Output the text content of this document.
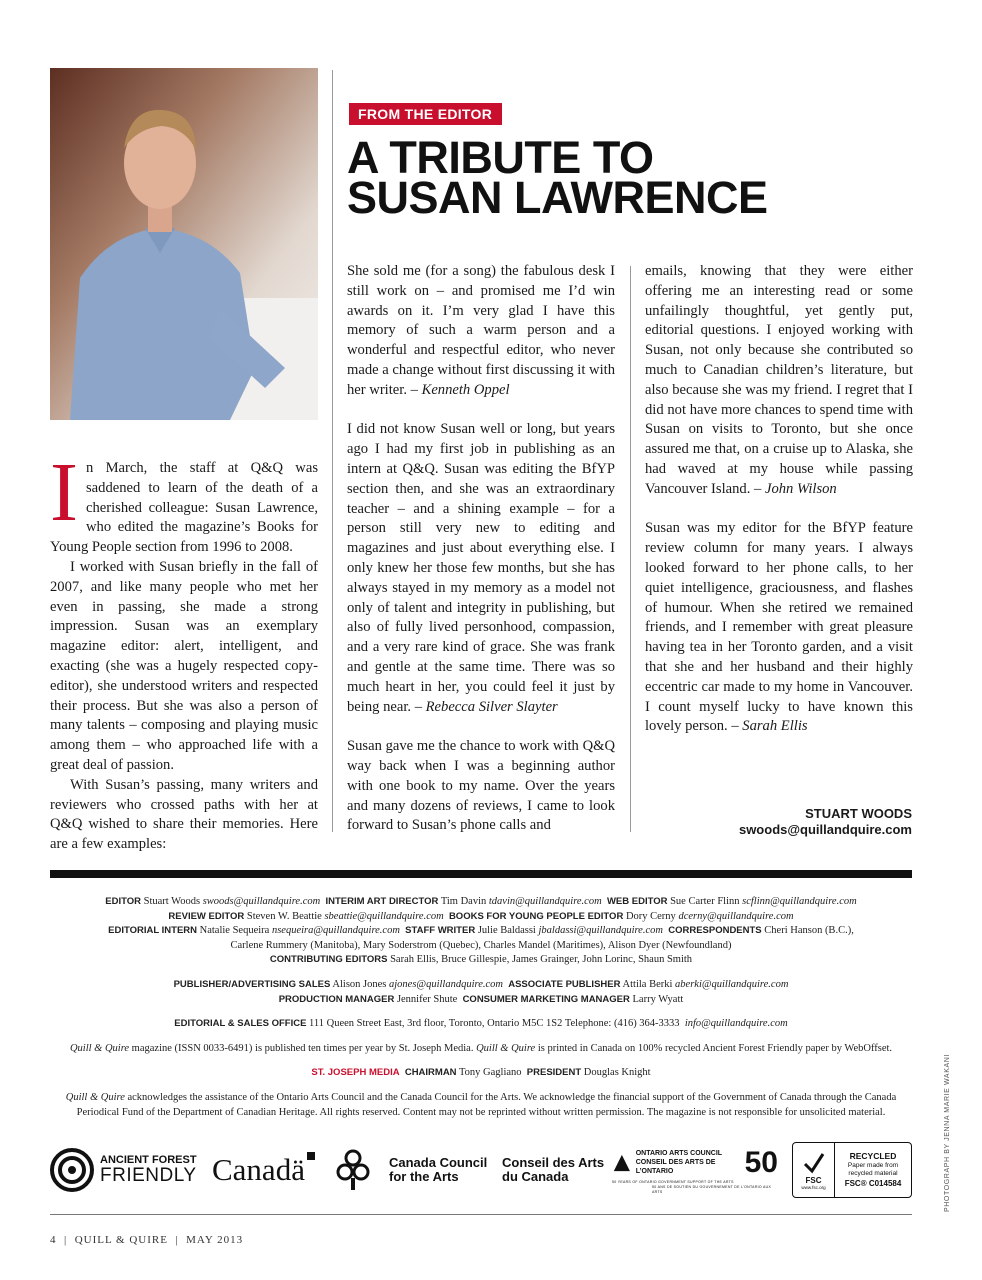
FROM THE EDITOR
A TRIBUTE TO
SUSAN LAWRENCE

In March, the staff at Q&Q was saddened to learn of the death of a cherished colleague: Susan Lawrence, who edited the magazine’s Books for Young People section from 1996 to 2008.

I worked with Susan briefly in the fall of 2007, and like many people who met her even in passing, she made a strong impression. Susan was an exemplary magazine editor: alert, intelligent, and exacting (she was a hugely respected copy-editor), she understood writers and respected their process. But she was also a person of many talents – composing and playing music among them – who approached life with a great deal of passion.

With Susan’s passing, many writers and reviewers who crossed paths with her at Q&Q wished to share their memories. Here are a few examples:

She sold me (for a song) the fabulous desk I still work on – and promised me I’d win awards on it. I’m very glad I have this memory of such a warm person and a wonderful and respectful editor, who never made a change without first discussing it with her writer. – Kenneth Oppel

I did not know Susan well or long, but years ago I had my first job in publishing as an intern at Q&Q. Susan was editing the BfYP section then, and she was an extraordinary teacher – and a shining example – for a person still very new to editing and magazines and just about everything else. I only knew her those few months, but she has always stayed in my memory as a model not only of talent and integrity in publishing, but also of fully lived personhood, compassion, and a very rare kind of grace. She was frank and gentle at the same time. There was so much heart in her, you could feel it just by being near. – Rebecca Silver Slayter

Susan gave me the chance to work with Q&Q way back when I was a beginning author with one book to my name. Over the years and many dozens of reviews, I came to look forward to Susan’s phone calls and

emails, knowing that they were either offering me an interesting read or some unfailingly thoughtful, yet gently put, editorial questions. I enjoyed working with Susan, not only because she contributed so much to Canadian children’s literature, but also because she was my friend. I regret that I did not have more chances to spend time with Susan on visits to Toronto, but she once assured me that, on a cruise up to Alaska, she had waved at my house while passing Vancouver Island. – John Wilson

Susan was my editor for the BfYP feature review column for many years. I always looked forward to her phone calls, to her quiet intelligence, graciousness, and flashes of humour. When she retired we remained friends, and I remember with great pleasure having tea in her Toronto garden, and a visit that she and her husband and their highly eccentric car made to my home in Vancouver. I count myself lucky to have known this lovely person. – Sarah Ellis

STUART WOODS
swoods@quillandquire.com
EDITOR Stuart Woods swoods@quillandquire.com INTERIM ART DIRECTOR Tim Davin tdavin@quillandquire.com WEB EDITOR Sue Carter Flinn scflinn@quillandquire.com
REVIEW EDITOR Steven W. Beattie sbeattie@quillandquire.com BOOKS FOR YOUNG PEOPLE EDITOR Dory Cerny dcerny@quillandquire.com
EDITORIAL INTERN Natalie Sequeira nsequeira@quillandquire.com STAFF WRITER Julie Baldassi jbaldassi@quillandquire.com CORRESPONDENTS Cheri Hanson (B.C.),
Carlene Rummery (Manitoba), Mary Soderstrom (Quebec), Charles Mandel (Maritimes), Alison Dyer (Newfoundland)
CONTRIBUTING EDITORS Sarah Ellis, Bruce Gillespie, James Grainger, John Lorinc, Shaun Smith
PUBLISHER/ADVERTISING SALES Alison Jones ajones@quillandquire.com ASSOCIATE PUBLISHER Attila Berki aberki@quillandquire.com
PRODUCTION MANAGER Jennifer Shute CONSUMER MARKETING MANAGER Larry Wyatt
EDITORIAL & SALES OFFICE 111 Queen Street East, 3rd floor, Toronto, Ontario M5C 1S2 Telephone: (416) 364-3333 info@quillandquire.com
Quill & Quire magazine (ISSN 0033-6491) is published ten times per year by St. Joseph Media. Quill & Quire is printed in Canada on 100% recycled Ancient Forest Friendly paper by WebOffset.
ST. JOSEPH MEDIA CHAIRMAN Tony Gagliano PRESIDENT Douglas Knight
Quill & Quire acknowledges the assistance of the Ontario Arts Council and the Canada Council for the Arts. We acknowledge the financial support of the Government of Canada through the Canada
Periodical Fund of the Department of Canadian Heritage. All rights reserved. Content may not be reprinted without written permission. The magazine is not responsible for unsolicited material.
ANCIENT FOREST
FRIENDLY Canadä	Canada Council
for the Arts
Conseil des Arts
du Canada
ONTARIO ARTS COUNCIL
CONSEIL DES ARTS DE L’ONTARIO	50
50 YEARS OF ONTARIO GOVERNMENT SUPPORT OF THE ARTS
50 ANS DE SOUTIEN DU GOUVERNEMENT DE L’ONTARIO AUX ARTS
FSC
www.fsc.org
RECYCLED
Paper made from
recycled material
FSC® C014584
4  |  QUILL & QUIRE  |  MAY 2013
PHOTOGRAPH BY JENNA MARIE WAKANI
